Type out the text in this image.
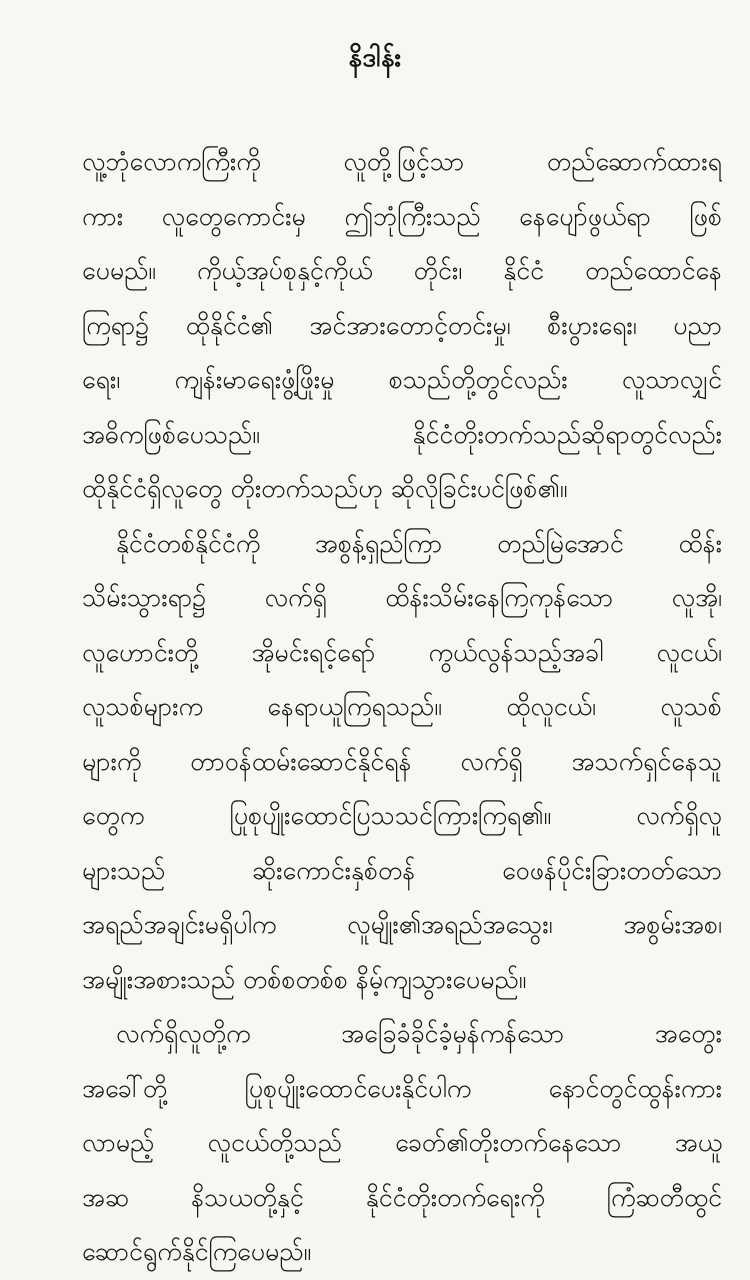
နိဒါန်း
လူ့ဘုံလောကကြီးကို လူတို့ဖြင့်သာ တည်ဆောက်ထားရ
ကား လူတွေကောင်းမှ ဤဘုံကြီးသည် နေပျော်ဖွယ်ရာ ဖြစ်
ပေမည်။ ကိုယ့်အုပ်စုနှင့်ကိုယ် တိုင်း၊ နိုင်ငံ တည်ထောင်နေ
ကြရာ၌ ထိုနိုင်ငံ၏ အင်အားတောင့်တင်းမှု၊ စီးပွားရေး၊ ပညာ
ရေး၊ ကျန်းမာရေးဖွံ့ဖြိုးမှု စသည်တို့တွင်လည်း လူသာလျှင်
အဓိကဖြစ်ပေသည်။ နိုင်ငံတိုးတက်သည်ဆိုရာတွင်လည်း
ထိုနိုင်ငံရှိလူတွေ တိုးတက်သည်ဟု ဆိုလိုခြင်းပင်ဖြစ်၏။
နိုင်ငံတစ်နိုင်ငံကို အစွန့်ရှည်ကြာ တည်မြဲအောင် ထိန်း
သိမ်းသွားရာ၌ လက်ရှိ ထိန်းသိမ်းနေကြကုန်သော လူအို၊
လူဟောင်းတို့ အိုမင်းရင့်ရော် ကွယ်လွန်သည့်အခါ လူငယ်၊
လူသစ်များက နေရာယူကြရသည်။ ထိုလူငယ်၊ လူသစ်
များကို တာဝန်ထမ်းဆောင်နိုင်ရန် လက်ရှိ အသက်ရှင်နေသူ
တွေက ပြုစုပျိုးထောင်ပြသသင်ကြားကြရ၏။ လက်ရှိလူ
များသည် ဆိုးကောင်းနှစ်တန် ဝေဖန်ပိုင်းခြားတတ်သော
အရည်အချင်းမရှိပါက လူမျိုး၏အရည်အသွေး၊ အစွမ်းအစ၊
အမျိုးအစားသည် တစ်စတစ်စ နိမ့်ကျသွားပေမည်။
လက်ရှိလူတို့က အခြေခံခိုင်ခံ့မှန်ကန်သော အတွေး
အခေါ်တို့ ပြုစုပျိုးထောင်ပေးနိုင်ပါက နောင်တွင်ထွန်းကား
လာမည့် လူငယ်တို့သည် ခေတ်၏တိုးတက်နေသော အယူ
အဆ နိသယတို့နှင့် နိုင်ငံတိုးတက်ရေးကို ကြံဆတီထွင်
ဆောင်ရွက်နိုင်ကြပေမည်။
